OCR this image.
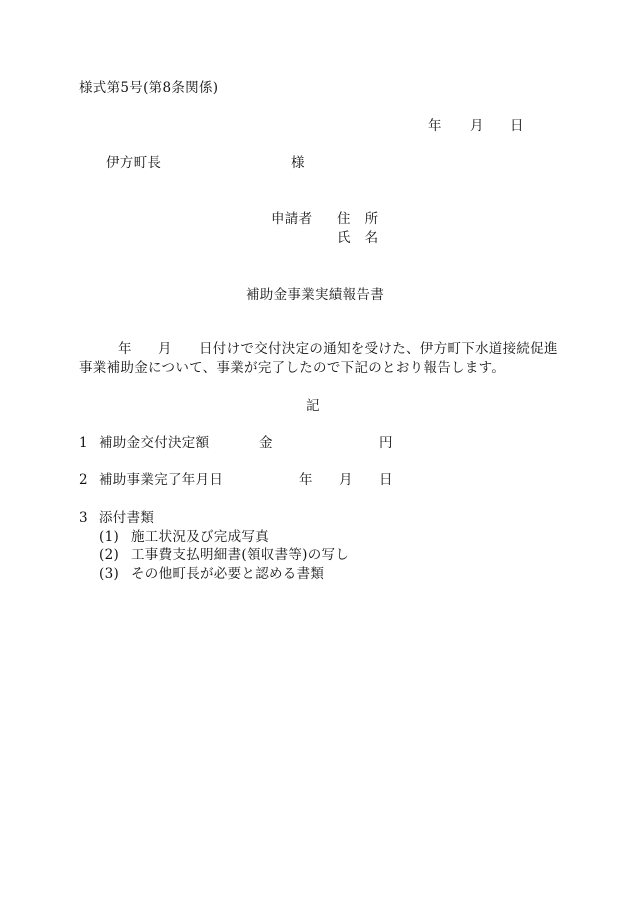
様式第5号(第8条関係)
年 月 日
伊方町長	様
申請者 住　所
氏　名
補助金事業実績報告書
年 月 日付けで交付決定の通知を受けた、伊方町下水道接続促進
事業補助金について、事業が完了したので下記のとおり報告します。
記
1 補助金交付決定額	金	円
2 補助事業完了年月日	年 月 日
3 添付書類
(1) 施工状況及び完成写真
(2) 工事費支払明細書(領収書等)の写し
(3) その他町長が必要と認める書類
